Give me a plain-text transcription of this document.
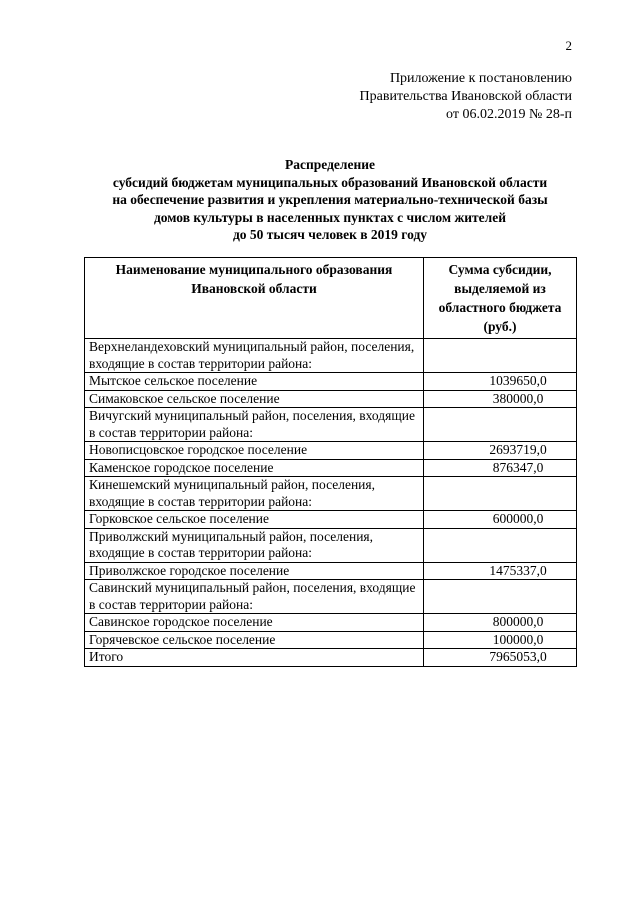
2
Приложение к постановлению
Правительства Ивановской области
от 06.02.2019 № 28-п
Распределение
субсидий бюджетам муниципальных образований Ивановской области
на обеспечение развития и укрепления материально-технической базы
домов культуры в населенных пунктах с числом жителей
до 50 тысяч человек в 2019 году
Наименование муниципального образования Ивановской области	Сумма субсидии, выделяемой из областного бюджета (руб.)
Верхнеландеховский муниципальный район, поселения, входящие в состав территории района:	
Мытское сельское поселение	1039650,0
Симаковское сельское поселение	380000,0
Вичугский муниципальный район, поселения, входящие в состав территории района:	
Новописцовское городское поселение	2693719,0
Каменское городское поселение	876347,0
Кинешемский муниципальный район, поселения, входящие в состав территории района:	
Горковское сельское поселение	600000,0
Приволжский муниципальный район, поселения, входящие в состав территории района:	
Приволжское городское поселение	1475337,0
Савинский муниципальный район, поселения, входящие в состав территории района:	
Савинское городское поселение	800000,0
Горячевское сельское поселение	100000,0
Итого	7965053,0
